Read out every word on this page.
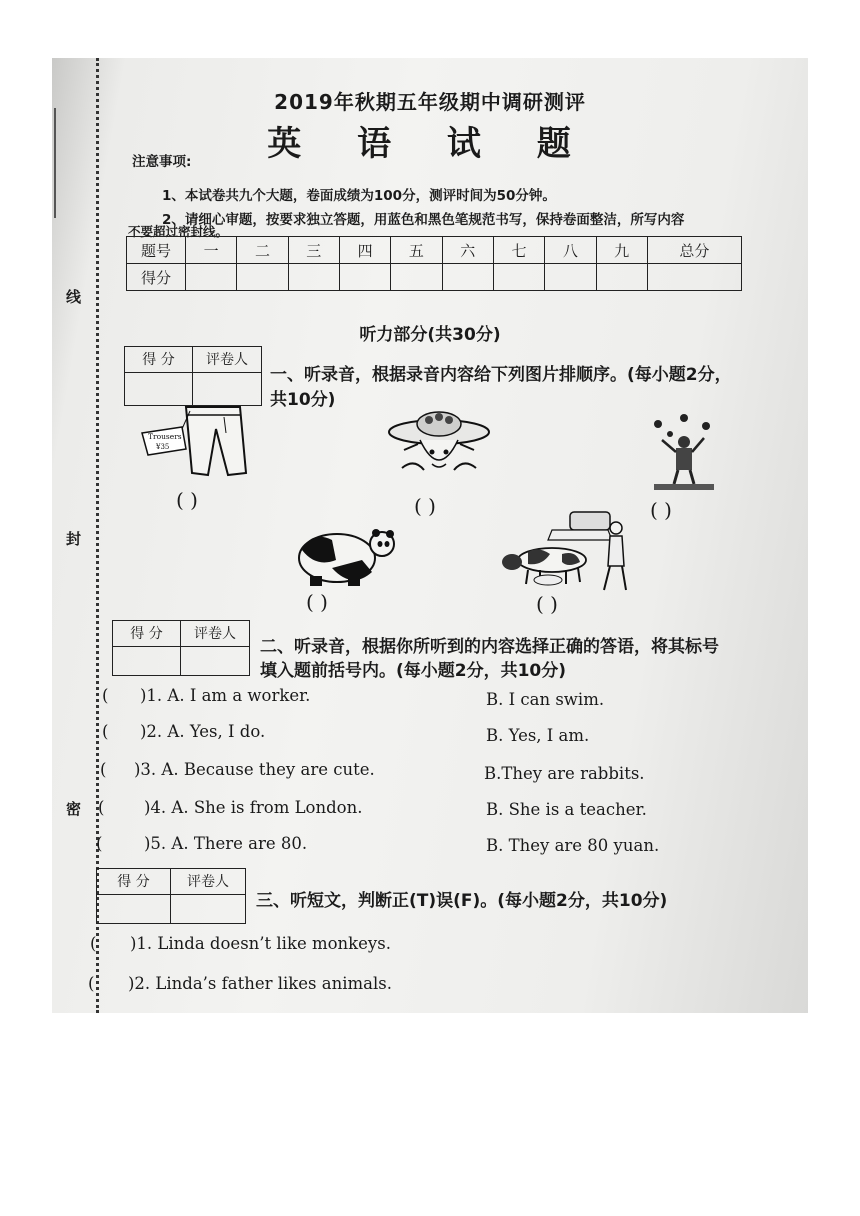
线
封
密

2019年秋期五年级期中调研测评
英 语 试 题
注意事项:
1、本试卷共九个大题，卷面成绩为100分，测评时间为50分钟。
2、请细心审题，按要求独立答题，用蓝色和黑色笔规范书写，保持卷面整洁，所写内容
不要超过密封线。
题号	一	二	三	四	五	六	七	八	九	总分
得分										
听力部分(共30分)
得 分	评卷人
一、听录音，根据录音内容给下列图片排顺序。(每小题2分，
共10分)
Trousers
¥35
( )	( )	( )
( )	( )
得 分	评卷人
二、听录音，根据你所听到的内容选择正确的答语，将其标号
填入题前括号内。(每小题2分，共10分)
( )1. A. I am a worker.	B. I can swim.
( )2. A. Yes, I do.	B. Yes, I am.
( )3. A. Because they are cute.	B.They are rabbits.
( )4. A. She is from London.	B. She is a teacher.
(	)5. A. There are 80.	B. They are 80 yuan.
得 分	评卷人
三、听短文，判断正(T)误(F)。(每小题2分，共10分)
( )1. Linda doesn’t like monkeys.
( )2. Linda’s father likes animals.
